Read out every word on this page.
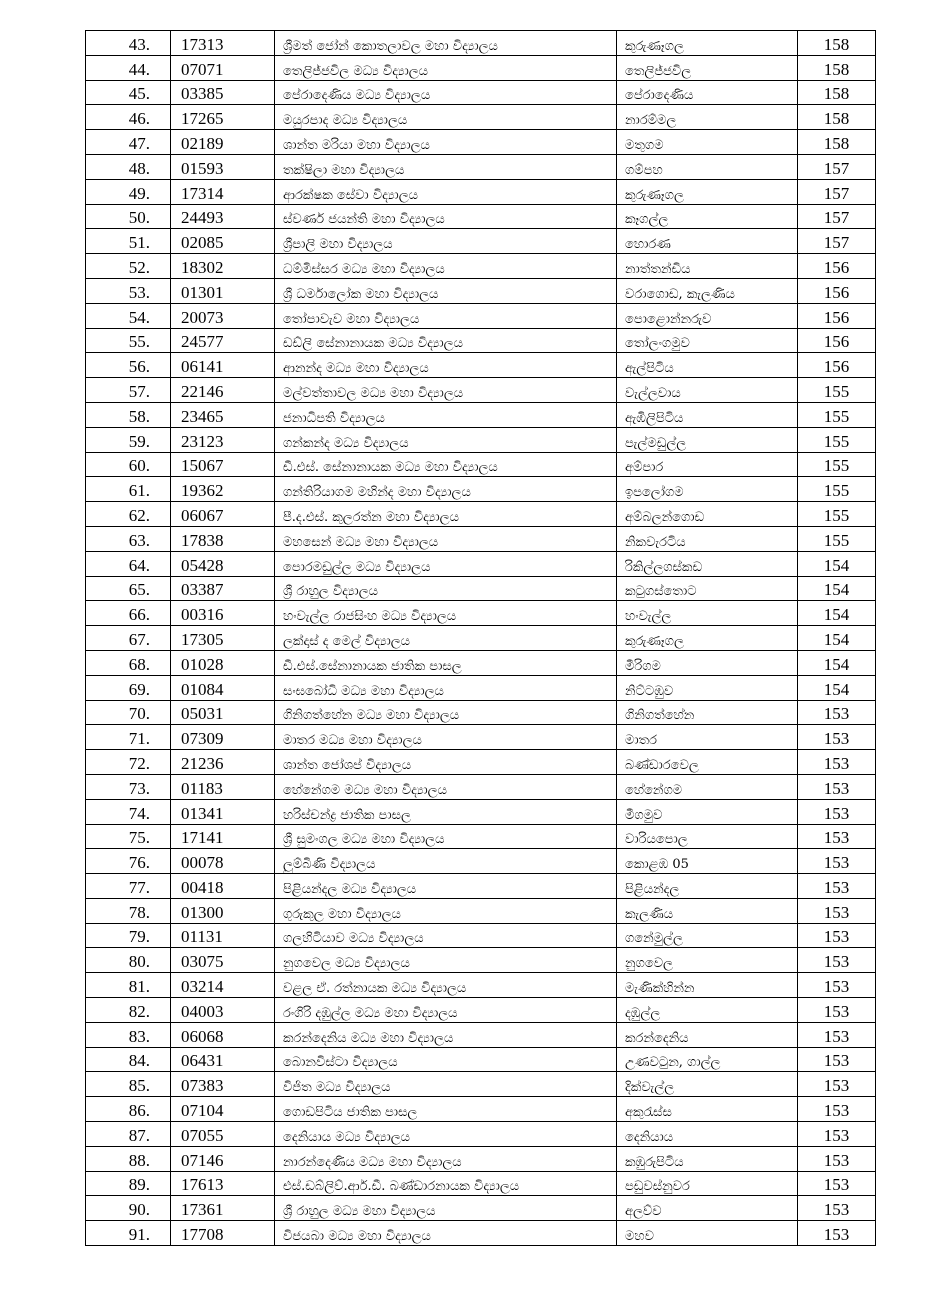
43.	17313	ශ්‍රීමත් ජෝන් කොතලාවල මහා විද්‍යාලය	කුරුණෑගල	158
44.	07071	තෙලිජ්ජවිල මධ්‍ය විද්‍යාලය	තෙලිජ්ජවිල	158
45.	03385	පේරාදෙණිය මධ්‍ය විද්‍යාලය	පේරාදෙණිය	158
46.	17265	මයුරපාද මධ්‍ය විද්‍යාලය	නාරම්මල	158
47.	02189	ශාන්ත මරියා මහා විද්‍යාලය	මතුගම	158
48.	01593	තක්ෂිලා මහා විද්‍යාලය	ගම්පහ	157
49.	17314	ආරක්ෂක සේවා විද්‍යාලය	කුරුණෑගල	157
50.	24493	ස්වර්ණ ජයන්ති මහා විද්‍යාලය	කෑගල්ල	157
51.	02085	ශ්‍රීපාලි මහා විද්‍යාලය	හොරණ	157
52.	18302	ධම්මිස්සර මධ්‍ය මහා විද්‍යාලය	නාත්තන්ඩිය	156
53.	01301	ශ්‍රී ධර්මාලෝක මහා විද්‍යාලය	වරාගොඩ, කැලණිය	156
54.	20073	තෝපාවැව මහා විද්‍යාලය	පොළොන්නරුව	156
55.	24577	ඩඩ්ලි සේනානායක මධ්‍ය විද්‍යාලය	තෝලංගමුව	156
56.	06141	ආනන්ද මධ්‍ය මහා විද්‍යාලය	ඇල්පිටිය	156
57.	22146	මල්වත්තාවල මධ්‍ය මහා විද්‍යාලය	වැල්ලවාය	155
58.	23465	ජනාධිපති විද්‍යාලය	ඇඹිලිපිටිය	155
59.	23123	ගන්කන්ද මධ්‍ය විද්‍යාලය	පැල්මඩුල්ල	155
60.	15067	ඩී.එස්. සේනානායක මධ්‍ය මහා විද්‍යාලය	අම්පාර	155
61.	19362	ගන්තිරියාගම මහින්ද මහා විද්‍යාලය	ඉපලෝගම	155
62.	06067	පී.ද.එස්. කුලරත්න මහා විද්‍යාලය	අම්බලන්ගොඩ	155
63.	17838	මහසෙන් මධ්‍ය මහා විද්‍යාලය	නිකවැරටිය	155
64.	05428	පොරමඩුල්ල මධ්‍ය විද්‍යාලය	රිකිල්ලගස්කඩ	154
65.	03387	ශ්‍රී රාහුල විද්‍යාලය	කටුගස්තොට	154
66.	00316	හංවැල්ල රාජසිංහ මධ්‍ය විද්‍යාලය	හංවැල්ල	154
67.	17305	ලක්දාස් ද මෙල් විද්‍යාලය	කුරුණෑගල	154
68.	01028	ඩී.එස්.සේනානායක ජාතික පාසල	මීරිගම	154
69.	01084	සංඝබෝධි මධ්‍ය මහා විද්‍යාලය	නිට්ටඹුව	154
70.	05031	ගිනිගත්හේන මධ්‍ය මහා විද්‍යාලය	ගිනිගත්හේන	153
71.	07309	මාතර මධ්‍ය මහා විද්‍යාලය	මාතර	153
72.	21236	ශාන්ත ජෝශප් විද්‍යාලය	බණ්ඩාරවෙල	153
73.	01183	හේනේගම මධ්‍ය මහා විද්‍යාලය	හේනේගම	153
74.	01341	හරිස්චන්ද්‍ර ජාතික පාසල	මීගමුව	153
75.	17141	ශ්‍රී සුමංගල මධ්‍ය මහා විද්‍යාලය	වාරියපොල	153
76.	00078	ලුම්බිණි විද්‍යාලය	කොළඹ 05	153
77.	00418	පිළියන්දල මධ්‍ය විද්‍යාලය	පිළියන්දල	153
78.	01300	ගුරුකුල මහා විද්‍යාලය	කැලණිය	153
79.	01131	ගලහිටියාව මධ්‍ය විද්‍යාලය	ගනේමුල්ල	153
80.	03075	නුගවෙල මධ්‍ය විද්‍යාලය	නුගවෙල	153
81.	03214	වළල ඒ. රත්නායක මධ්‍ය විද්‍යාලය	මැණික්හින්න	153
82.	04003	රංගිරි දඹුල්ල මධ්‍ය මහා විද්‍යාලය	දඹුල්ල	153
83.	06068	කරන්දෙනිය මධ්‍ය මහා විද්‍යාලය	කරන්දෙනිය	153
84.	06431	බොනවිස්ටා විද්‍යාලය	උණවටුන, ගාල්ල	153
85.	07383	විජිත මධ්‍ය විද්‍යාලය	දික්වැල්ල	153
86.	07104	ගොඩපිටිය ජාතික පාසල	අකුරැස්ස	153
87.	07055	දෙනියාය මධ්‍ය විද්‍යාලය	දෙනියාය	153
88.	07146	නාරන්දෙණිය මධ්‍ය මහා විද්‍යාලය	කඹුරුපිටිය	153
89.	17613	එස්.ඩබ්ලිව්.ආර්.ඩී. බණ්ඩාරනායක විද්‍යාලය	පඩුවස්නුවර	153
90.	17361	ශ්‍රී රාහුල මධ්‍ය මහා විද්‍යාලය	අලව්ව	153
91.	17708	විජයබා මධ්‍ය මහා විද්‍යාලය	මහව	153
